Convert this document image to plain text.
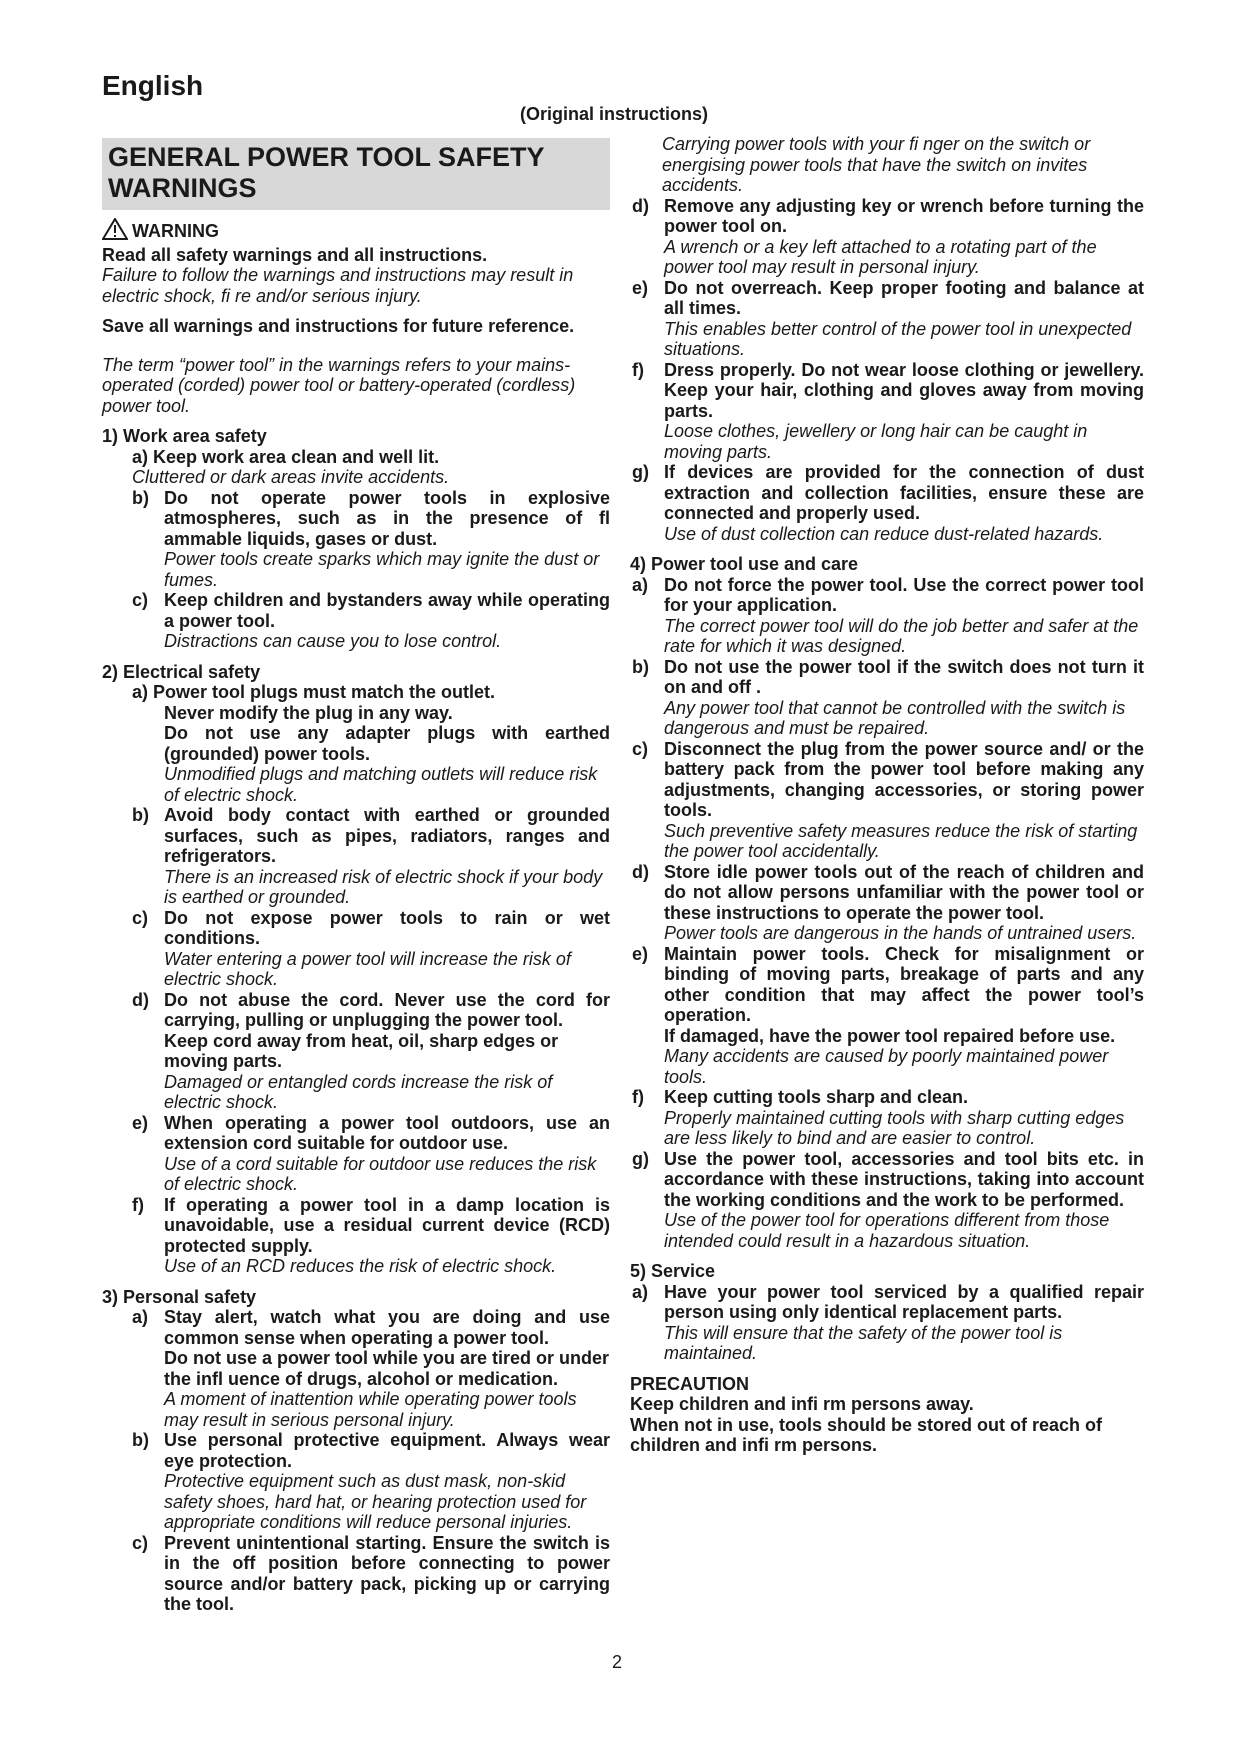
English
(Original instructions)
GENERAL POWER TOOL SAFETY WARNINGS
WARNING
Read all safety warnings and all instructions.
Failure to follow the warnings and instructions may result in electric shock, fi re and/or serious injury.
Save all warnings and instructions for future reference.
The term “power tool” in the warnings refers to your mains-operated (corded) power tool or battery-operated (cordless) power tool.
1) Work area safety
a) Keep work area clean and well lit.
Cluttered or dark areas invite accidents.
b) Do not operate power tools in explosive atmospheres, such as in the presence of fl ammable liquids, gases or dust.
Power tools create sparks which may ignite the dust or fumes.
c) Keep children and bystanders away while operating a power tool.
Distractions can cause you to lose control.
2) Electrical safety
a) Power tool plugs must match the outlet.
Never modify the plug in any way.
Do not use any adapter plugs with earthed (grounded) power tools.
Unmodified plugs and matching outlets will reduce risk of electric shock.
b) Avoid body contact with earthed or grounded surfaces, such as pipes, radiators, ranges and refrigerators.
There is an increased risk of electric shock if your body is earthed or grounded.
c) Do not expose power tools to rain or wet conditions.
Water entering a power tool will increase the risk of electric shock.
d) Do not abuse the cord. Never use the cord for carrying, pulling or unplugging the power tool.
Keep cord away from heat, oil, sharp edges or moving parts.
Damaged or entangled cords increase the risk of electric shock.
e) When operating a power tool outdoors, use an extension cord suitable for outdoor use.
Use of a cord suitable for outdoor use reduces the risk of electric shock.
f)	If operating a power tool in a damp location is unavoidable, use a residual current device (RCD) protected supply.
Use of an RCD reduces the risk of electric shock.
3) Personal safety
a) Stay alert, watch what you are doing and use common sense when operating a power tool.
Do not use a power tool while you are tired or under the infl uence of drugs, alcohol or medication.
A moment of inattention while operating power tools may result in serious personal injury.
b) Use personal protective equipment. Always wear eye protection.
Protective equipment such as dust mask, non-skid safety shoes, hard hat, or hearing protection used for appropriate conditions will reduce personal injuries.
c) Prevent unintentional starting. Ensure the switch is in the off position before connecting to power source and/or battery pack, picking up or carrying the tool.
Carrying power tools with your fi nger on the switch or energising power tools that have the switch on invites accidents.
d) Remove any adjusting key or wrench before turning the power tool on.
A wrench or a key left attached to a rotating part of the power tool may result in personal injury.
e) Do not overreach. Keep proper footing and balance at all times.
This enables better control of the power tool in unexpected situations.
f)	Dress properly. Do not wear loose clothing or jewellery. Keep your hair, clothing and gloves away from moving parts.
Loose clothes, jewellery or long hair can be caught in moving parts.
g) If devices are provided for the connection of dust extraction and collection facilities, ensure these are connected and properly used.
Use of dust collection can reduce dust-related hazards.
4) Power tool use and care
a) Do not force the power tool. Use the correct power tool for your application.
The correct power tool will do the job better and safer at the rate for which it was designed.
b) Do not use the power tool if the switch does not turn it on and off .
Any power tool that cannot be controlled with the switch is dangerous and must be repaired.
c) Disconnect the plug from the power source and/ or the battery pack from the power tool before making any adjustments, changing accessories, or storing power tools.
Such preventive safety measures reduce the risk of starting the power tool accidentally.
d) Store idle power tools out of the reach of children and do not allow persons unfamiliar with the power tool or these instructions to operate the power tool.
Power tools are dangerous in the hands of untrained users.
e) Maintain power tools. Check for misalignment or binding of moving parts, breakage of parts and any other condition that may affect the power tool’s operation.
If damaged, have the power tool repaired before use.
Many accidents are caused by poorly maintained power tools.
f)	Keep cutting tools sharp and clean.
Properly maintained cutting tools with sharp cutting edges are less likely to bind and are easier to control.
g) Use the power tool, accessories and tool bits etc. in accordance with these instructions, taking into account the working conditions and the work to be performed.
Use of the power tool for operations different from those intended could result in a hazardous situation.
5) Service
a) Have your power tool serviced by a qualified repair person using only identical replacement parts.
This will ensure that the safety of the power tool is maintained.
PRECAUTION
Keep children and infi rm persons away.
When not in use, tools should be stored out of reach of children and infi rm persons.
2
